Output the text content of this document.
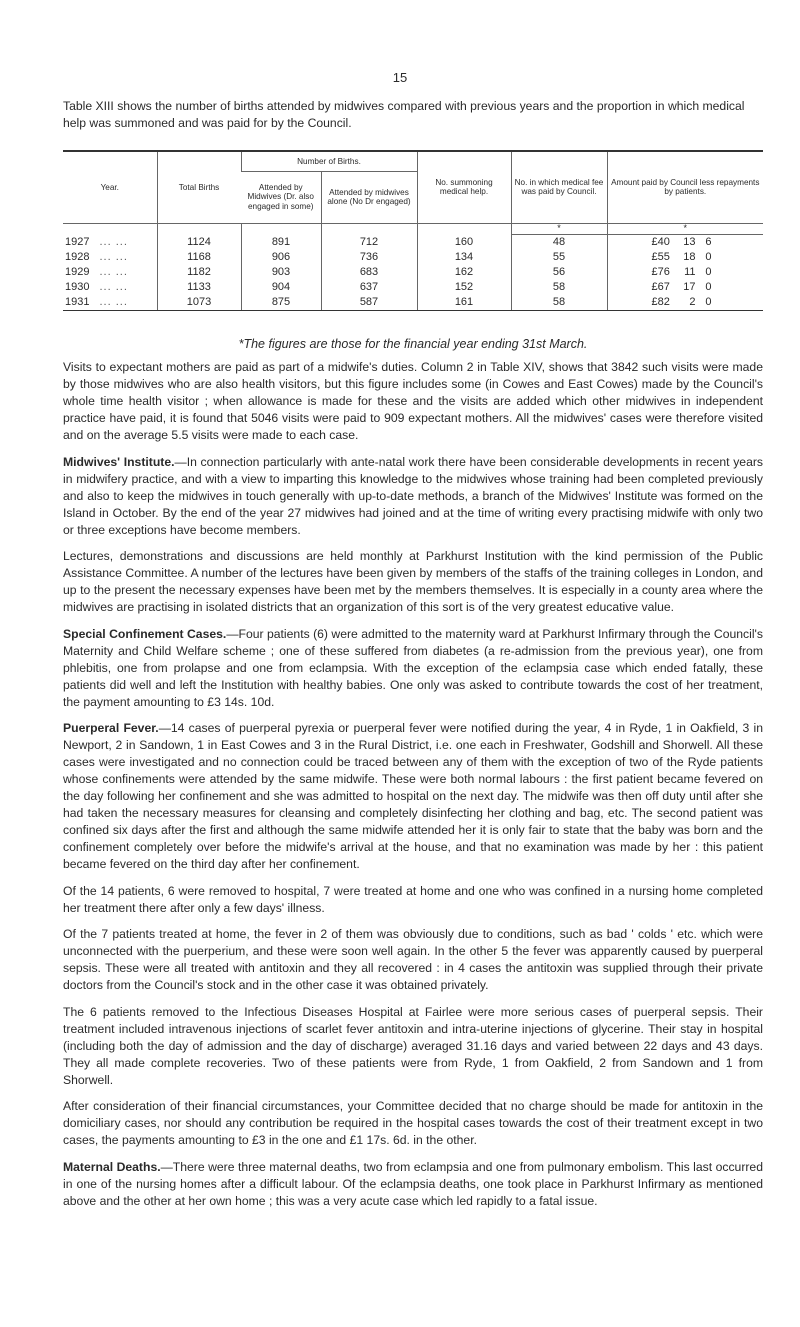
15
Table XIII shows the number of births attended by midwives compared with previous years and the proportion in which medical help was summoned and was paid for by the Council.
Year.	Total Births	Number of Births.		No. summoning medical help.	No. in which medical fee was paid by Council.	Amount paid by Council less repayments by patients.
		Attended by Midwives (Dr. also engaged in some)	Attended by midwives alone (No Dr engaged)			
					*	*
1927 ... ...	1124	891	712	160	48	£40 13 6
1928 ... ...	1168	906	736	134	55	£55 18 0
1929 ... ...	1182	903	683	162	56	£76 11 0
1930 ... ...	1133	904	637	152	58	£67 17 0
1931 ... ...	1073	875	587	161	58	£82 2 0
*The figures are those for the financial year ending 31st March.

Visits to expectant mothers are paid as part of a midwife's duties. Column 2 in Table XIV, shows that 3842 such visits were made by those midwives who are also health visitors, but this figure includes some (in Cowes and East Cowes) made by the Council's whole time health visitor ; when allowance is made for these and the visits are added which other midwives in independent practice have paid, it is found that 5046 visits were paid to 909 expectant mothers. All the midwives' cases were therefore visited and on the average 5.5 visits were made to each case.

Midwives' Institute.—In connection particularly with ante-natal work there have been considerable developments in recent years in midwifery practice, and with a view to imparting this knowledge to the midwives whose training had been completed previously and also to keep the midwives in touch generally with up-to-date methods, a branch of the Midwives' Institute was formed on the Island in October. By the end of the year 27 midwives had joined and at the time of writing every practising midwife with only two or three exceptions have become members.

Lectures, demonstrations and discussions are held monthly at Parkhurst Institution with the kind permission of the Public Assistance Committee. A number of the lectures have been given by members of the staffs of the training colleges in London, and up to the present the necessary expenses have been met by the members themselves. It is especially in a county area where the midwives are practising in isolated districts that an organization of this sort is of the very greatest educative value.

Special Confinement Cases.—Four patients (6) were admitted to the maternity ward at Parkhurst Infirmary through the Council's Maternity and Child Welfare scheme ; one of these suffered from diabetes (a re-admission from the previous year), one from phlebitis, one from prolapse and one from eclampsia. With the exception of the eclampsia case which ended fatally, these patients did well and left the Institution with healthy babies. One only was asked to contribute towards the cost of her treatment, the payment amounting to £3 14s. 10d.

Puerperal Fever.—14 cases of puerperal pyrexia or puerperal fever were notified during the year, 4 in Ryde, 1 in Oakfield, 3 in Newport, 2 in Sandown, 1 in East Cowes and 3 in the Rural District, i.e. one each in Freshwater, Godshill and Shorwell. All these cases were investigated and no connection could be traced between any of them with the exception of two of the Ryde patients whose confinements were attended by the same midwife. These were both normal labours : the first patient became fevered on the day following her confinement and she was admitted to hospital on the next day. The midwife was then off duty until after she had taken the necessary measures for cleansing and completely disinfecting her clothing and bag, etc. The second patient was confined six days after the first and although the same midwife attended her it is only fair to state that the baby was born and the confinement completely over before the midwife's arrival at the house, and that no examination was made by her : this patient became fevered on the third day after her confinement.

Of the 14 patients, 6 were removed to hospital, 7 were treated at home and one who was confined in a nursing home completed her treatment there after only a few days' illness.

Of the 7 patients treated at home, the fever in 2 of them was obviously due to conditions, such as bad ' colds ' etc. which were unconnected with the puerperium, and these were soon well again. In the other 5 the fever was apparently caused by puerperal sepsis. These were all treated with antitoxin and they all recovered : in 4 cases the antitoxin was supplied through their private doctors from the Council's stock and in the other case it was obtained privately.

The 6 patients removed to the Infectious Diseases Hospital at Fairlee were more serious cases of puerperal sepsis. Their treatment included intravenous injections of scarlet fever antitoxin and intra-uterine injections of glycerine. Their stay in hospital (including both the day of admission and the day of discharge) averaged 31.16 days and varied between 22 days and 43 days. They all made complete recoveries. Two of these patients were from Ryde, 1 from Oakfield, 2 from Sandown and 1 from Shorwell.

After consideration of their financial circumstances, your Committee decided that no charge should be made for antitoxin in the domiciliary cases, nor should any contribution be required in the hospital cases towards the cost of their treatment except in two cases, the payments amounting to £3 in the one and £1 17s. 6d. in the other.

Maternal Deaths.—There were three maternal deaths, two from eclampsia and one from pulmonary embolism. This last occurred in one of the nursing homes after a difficult labour. Of the eclampsia deaths, one took place in Parkhurst Infirmary as mentioned above and the other at her own home ; this was a very acute case which led rapidly to a fatal issue.
